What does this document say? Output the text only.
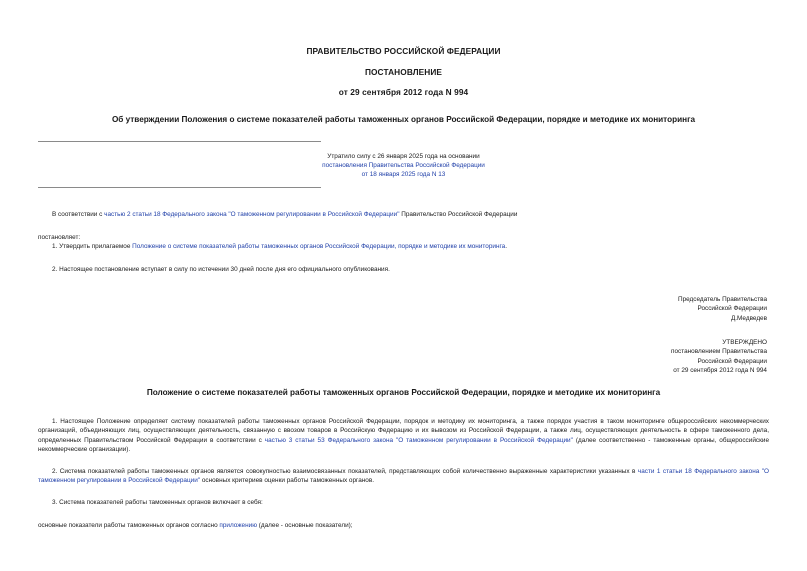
ПРАВИТЕЛЬСТВО РОССИЙСКОЙ ФЕДЕРАЦИИ
ПОСТАНОВЛЕНИЕ
от 29 сентября 2012 года N 994
Об утверждении Положения о системе показателей работы таможенных органов Российской Федерации, порядке и методике их мониторинга
Утратило силу с 26 января 2025 года на основании
постановления Правительства Российской Федерации
от 18 января 2025 года N 13
В соответствии с частью 2 статьи 18 Федерального закона "О таможенном регулировании в Российской Федерации" Правительство Российской Федерации
постановляет:
1. Утвердить прилагаемое Положение о системе показателей работы таможенных органов Российской Федерации, порядке и методике их мониторинга.
2. Настоящее постановление вступает в силу по истечении 30 дней после дня его официального опубликования.
Председатель Правительства
Российской Федерации
Д.Медведев
УТВЕРЖДЕНО
постановлением Правительства
Российской Федерации
от 29 сентября 2012 года N 994
Положение о системе показателей работы таможенных органов Российской Федерации, порядке и методике их мониторинга
1. Настоящее Положение определяет систему показателей работы таможенных органов Российской Федерации, порядок и методику их мониторинга, а также порядок участия в таком мониторинге общероссийских некоммерческих организаций, объединяющих лиц, осуществляющих деятельность, связанную с ввозом товаров в Российскую Федерацию и их вывозом из Российской Федерации, а также лиц, осуществляющих деятельность в сфере таможенного дела, определенных Правительством Российской Федерации в соответствии с частью 3 статьи 53 Федерального закона "О таможенном регулировании в Российской Федерации" (далее соответственно - таможенные органы, общероссийские некоммерческие организации).
2. Система показателей работы таможенных органов является совокупностью взаимосвязанных показателей, представляющих собой количественно выраженные характеристики указанных в части 1 статьи 18 Федерального закона "О таможенном регулировании в Российской Федерации" основных критериев оценки работы таможенных органов.
3. Система показателей работы таможенных органов включает в себя:
основные показатели работы таможенных органов согласно приложению (далее - основные показатели);
